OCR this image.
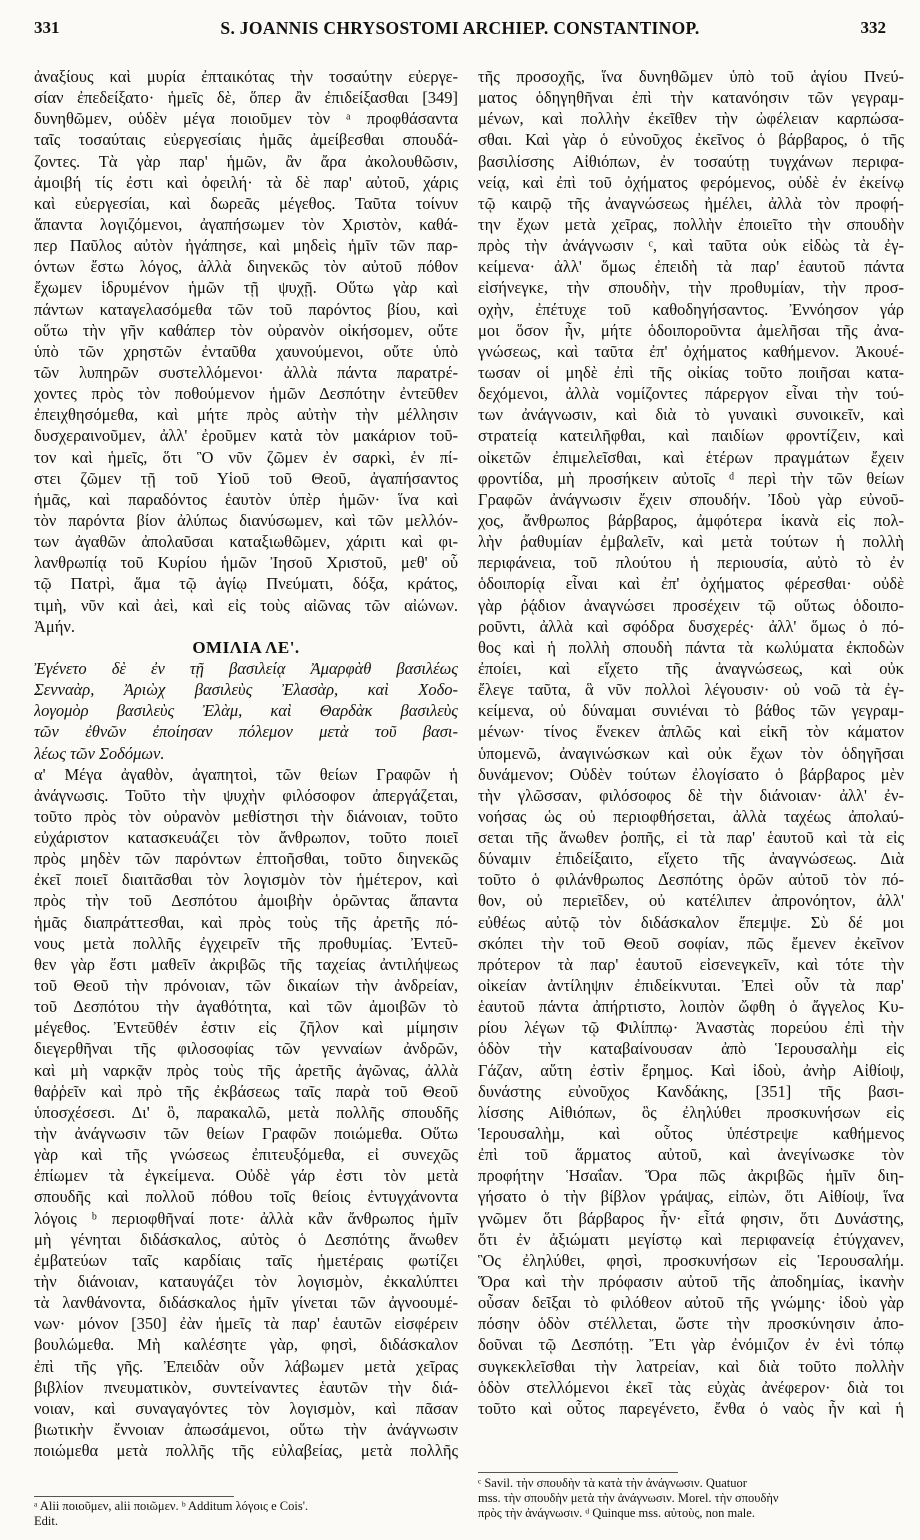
331	S. JOANNIS CHRYSOSTOMI ARCHIEP. CONSTANTINOP.	332
ἀναξίους καὶ μυρία ἐπταικότας τὴν τοσαύτην εὐεργε-
σίαν ἐπεδείξατο· ἡμεῖς δὲ, ὅπερ ἂν ἐπιδείξασθαι [349]
δυνηθῶμεν, οὐδὲν μέγα ποιοῦμεν τὸν ᵃ προφθάσαντα
ταῖς τοσαύταις εὐεργεσίαις ἡμᾶς ἀμείβεσθαι σπουδά-
ζοντες. Τὰ γὰρ παρ' ἡμῶν, ἂν ἄρα ἀκολουθῶσιν,
ἀμοιβή τίς ἐστι καὶ ὀφειλή· τὰ δὲ παρ' αὐτοῦ, χάρις
καὶ εὐεργεσίαι, καὶ δωρεᾶς μέγεθος. Ταῦτα τοίνυν
ἅπαντα λογιζόμενοι, ἀγαπήσωμεν τὸν Χριστὸν, καθά-
περ Παῦλος αὐτὸν ἠγάπησε, καὶ μηδεὶς ἡμῖν τῶν παρ-
όντων ἔστω λόγος, ἀλλὰ διηνεκῶς τὸν αὐτοῦ πόθον
ἔχωμεν ἱδρυμένον ἡμῶν τῇ ψυχῇ. Οὕτω γὰρ καὶ
πάντων καταγελασόμεθα τῶν τοῦ παρόντος βίου, καὶ
οὕτω τὴν γῆν καθάπερ τὸν οὐρανὸν οἰκήσομεν, οὔτε
ὑπὸ τῶν χρηστῶν ἐνταῦθα χαυνούμενοι, οὔτε ὑπὸ
τῶν λυπηρῶν συστελλόμενοι· ἀλλὰ πάντα παρατρέ-
χοντες πρὸς τὸν ποθούμενον ἡμῶν Δεσπότην ἐντεῦθεν
ἐπειχθησόμεθα, καὶ μήτε πρὸς αὐτὴν τὴν μέλλησιν
δυσχεραινοῦμεν, ἀλλ' ἐροῦμεν κατὰ τὸν μακάριον τοῦ-
τον καὶ ἡμεῖς, ὅτι Ὃ νῦν ζῶμεν ἐν σαρκὶ, ἐν πί-
στει ζῶμεν τῇ τοῦ Υἱοῦ τοῦ Θεοῦ, ἀγαπήσαντος
ἡμᾶς, καὶ παραδόντος ἑαυτὸν ὑπὲρ ἡμῶν· ἵνα καὶ
τὸν παρόντα βίον ἀλύπως διανύσωμεν, καὶ τῶν μελλόν-
των ἀγαθῶν ἀπολαῦσαι καταξιωθῶμεν, χάριτι καὶ φι-
λανθρωπίᾳ τοῦ Κυρίου ἡμῶν Ἰησοῦ Χριστοῦ, μεθ' οὗ
τῷ Πατρὶ, ἅμα τῷ ἁγίῳ Πνεύματι, δόξα, κράτος,
τιμὴ, νῦν καὶ ἀεὶ, καὶ εἰς τοὺς αἰῶνας τῶν αἰώνων.
Ἀμήν.
ΟΜΙΛΙΑ ΛΕ'.
Ἐγένετο δὲ ἐν τῇ βασιλείᾳ Ἀμαρφὰθ βασιλέως
Σενναὰρ, Ἀριὼχ βασιλεὺς Ἐλασὰρ, καὶ Χοδο-
λογομὸρ βασιλεὺς Ἐλὰμ, καὶ Θαρδὰκ βασιλεὺς
τῶν ἐθνῶν ἐποίησαν πόλεμον μετὰ τοῦ βασι-
λέως τῶν Σοδόμων.
α' Μέγα ἀγαθὸν, ἀγαπητοὶ, τῶν θείων Γραφῶν ἡ
ἀνάγνωσις. Τοῦτο τὴν ψυχὴν φιλόσοφον ἀπεργάζεται,
τοῦτο πρὸς τὸν οὐρανὸν μεθίστησι τὴν διάνοιαν, τοῦτο
εὐχάριστον κατασκευάζει τὸν ἄνθρωπον, τοῦτο ποιεῖ
πρὸς μηδὲν τῶν παρόντων ἐπτοῆσθαι, τοῦτο διηνεκῶς
ἐκεῖ ποιεῖ διαιτᾶσθαι τὸν λογισμὸν τὸν ἡμέτερον, καὶ
πρὸς τὴν τοῦ Δεσπότου ἀμοιβὴν ὁρῶντας ἅπαντα
ἡμᾶς διαπράττεσθαι, καὶ πρὸς τοὺς τῆς ἀρετῆς πό-
νους μετὰ πολλῆς ἐγχειρεῖν τῆς προθυμίας. Ἐντεῦ-
θεν γὰρ ἔστι μαθεῖν ἀκριβῶς τῆς ταχείας ἀντιλήψεως
τοῦ Θεοῦ τὴν πρόνοιαν, τῶν δικαίων τὴν ἀνδρείαν,
τοῦ Δεσπότου τὴν ἀγαθότητα, καὶ τῶν ἀμοιβῶν τὸ
μέγεθος. Ἐντεῦθέν ἐστιν εἰς ζῆλον καὶ μίμησιν
διεγερθῆναι τῆς φιλοσοφίας τῶν γενναίων ἀνδρῶν,
καὶ μὴ ναρκᾷν πρὸς τοὺς τῆς ἀρετῆς ἀγῶνας, ἀλλὰ
θαῤῥεῖν καὶ πρὸ τῆς ἐκβάσεως ταῖς παρὰ τοῦ Θεοῦ
ὑποσχέσεσι. Δι' ὃ, παρακαλῶ, μετὰ πολλῆς σπουδῆς
τὴν ἀνάγνωσιν τῶν θείων Γραφῶν ποιώμεθα. Οὕτω
γὰρ καὶ τῆς γνώσεως ἐπιτευξόμεθα, εἰ συνεχῶς
ἐπίωμεν τὰ ἐγκείμενα. Οὐδὲ γάρ ἐστι τὸν μετὰ
σπουδῆς καὶ πολλοῦ πόθου τοῖς θείοις ἐντυγχάνοντα
λόγοις ᵇ περιοφθῆναί ποτε· ἀλλὰ κἂν ἄνθρωπος ἡμῖν
μὴ γένηται διδάσκαλος, αὐτὸς ὁ Δεσπότης ἄνωθεν
ἐμβατεύων ταῖς καρδίαις ταῖς ἡμετέραις φωτίζει
τὴν διάνοιαν, καταυγάζει τὸν λογισμὸν, ἐκκαλύπτει
τὰ λανθάνοντα, διδάσκαλος ἡμῖν γίνεται τῶν ἀγνοουμέ-
νων· μόνον [350] ἐὰν ἡμεῖς τὰ παρ' ἑαυτῶν εἰσφέρειν
βουλώμεθα. Μὴ καλέσητε γὰρ, φησὶ, διδάσκαλον
ἐπὶ τῆς γῆς. Ἐπειδὰν οὖν λάβωμεν μετὰ χεῖρας
βιβλίον πνευματικὸν, συντείναντες ἑαυτῶν τὴν διά-
νοιαν, καὶ συναγαγόντες τὸν λογισμὸν, καὶ πᾶσαν
βιωτικὴν ἔννοιαν ἀπωσάμενοι, οὕτω τὴν ἀνάγνωσιν
ποιώμεθα μετὰ πολλῆς τῆς εὐλαβείας, μετὰ πολλῆς
τῆς προσοχῆς, ἵνα δυνηθῶμεν ὑπὸ τοῦ ἁγίου Πνεύ-
ματος ὁδηγηθῆναι ἐπὶ τὴν κατανόησιν τῶν γεγραμ-
μένων, καὶ πολλὴν ἐκεῖθεν τὴν ὠφέλειαν καρπώσα-
σθαι. Καὶ γὰρ ὁ εὐνοῦχος ἐκεῖνος ὁ βάρβαρος, ὁ τῆς
βασιλίσσης Αἰθιόπων, ἐν τοσαύτῃ τυγχάνων περιφα-
νείᾳ, καὶ ἐπὶ τοῦ ὀχήματος φερόμενος, οὐδὲ ἐν ἐκείνῳ
τῷ καιρῷ τῆς ἀναγνώσεως ἠμέλει, ἀλλὰ τὸν προφή-
την ἔχων μετὰ χεῖρας, πολλὴν ἐποιεῖτο τὴν σπουδὴν
πρὸς τὴν ἀνάγνωσιν ᶜ, καὶ ταῦτα οὐκ εἰδὼς τὰ ἐγ-
κείμενα· ἀλλ' ὅμως ἐπειδὴ τὰ παρ' ἑαυτοῦ πάντα
εἰσήνεγκε, τὴν σπουδὴν, τὴν προθυμίαν, τὴν προσ-
οχὴν, ἐπέτυχε τοῦ καθοδηγήσαντος. Ἐννόησον γάρ
μοι ὅσον ἦν, μήτε ὁδοιποροῦντα ἀμελῆσαι τῆς ἀνα-
γνώσεως, καὶ ταῦτα ἐπ' ὀχήματος καθήμενον. Ἀκουέ-
τωσαν οἱ μηδὲ ἐπὶ τῆς οἰκίας τοῦτο ποιῆσαι κατα-
δεχόμενοι, ἀλλὰ νομίζοντες πάρεργον εἶναι τὴν τού-
των ἀνάγνωσιν, καὶ διὰ τὸ γυναικὶ συνοικεῖν, καὶ
στρατείᾳ κατειλῆφθαι, καὶ παιδίων φροντίζειν, καὶ
οἰκετῶν ἐπιμελεῖσθαι, καὶ ἑτέρων πραγμάτων ἔχειν
φροντίδα, μὴ προσήκειν αὐτοῖς ᵈ περὶ τὴν τῶν θείων
Γραφῶν ἀνάγνωσιν ἔχειν σπουδήν. Ἰδοὺ γὰρ εὐνοῦ-
χος, ἄνθρωπος βάρβαρος, ἀμφότερα ἱκανὰ εἰς πολ-
λὴν ῥαθυμίαν ἐμβαλεῖν, καὶ μετὰ τούτων ἡ πολλὴ
περιφάνεια, τοῦ πλούτου ἡ περιουσία, αὐτὸ τὸ ἐν
ὁδοιπορίᾳ εἶναι καὶ ἐπ' ὀχήματος φέρεσθαι· οὐδὲ
γὰρ ῥᾴδιον ἀναγνώσει προσέχειν τῷ οὕτως ὁδοιπο-
ροῦντι, ἀλλὰ καὶ σφόδρα δυσχερές· ἀλλ' ὅμως ὁ πό-
θος καὶ ἡ πολλὴ σπουδὴ πάντα τὰ κωλύματα ἐκποδὼν
ἐποίει, καὶ εἴχετο τῆς ἀναγνώσεως, καὶ οὐκ
ἔλεγε ταῦτα, ἃ νῦν πολλοὶ λέγουσιν· οὐ νοῶ τὰ ἐγ-
κείμενα, οὐ δύναμαι συνιέναι τὸ βάθος τῶν γεγραμ-
μένων· τίνος ἕνεκεν ἁπλῶς καὶ εἰκῆ τὸν κάματον
ὑπομενῶ, ἀναγινώσκων καὶ οὐκ ἔχων τὸν ὁδηγῆσαι
δυνάμενον; Οὐδὲν τούτων ἐλογίσατο ὁ βάρβαρος μὲν
τὴν γλῶσσαν, φιλόσοφος δὲ τὴν διάνοιαν· ἀλλ' ἐν-
νοήσας ὡς οὐ περιοφθήσεται, ἀλλὰ ταχέως ἀπολαύ-
σεται τῆς ἄνωθεν ῥοπῆς, εἰ τὰ παρ' ἑαυτοῦ καὶ τὰ εἰς
δύναμιν ἐπιδείξαιτο, εἴχετο τῆς ἀναγνώσεως. Διὰ
τοῦτο ὁ φιλάνθρωπος Δεσπότης ὁρῶν αὐτοῦ τὸν πό-
θον, οὐ περιεῖδεν, οὐ κατέλιπεν ἀπρονόητον, ἀλλ'
εὐθέως αὐτῷ τὸν διδάσκαλον ἔπεμψε. Σὺ δέ μοι
σκόπει τὴν τοῦ Θεοῦ σοφίαν, πῶς ἔμενεν ἐκεῖνον
πρότερον τὰ παρ' ἑαυτοῦ εἰσενεγκεῖν, καὶ τότε τὴν
οἰκείαν ἀντίληψιν ἐπιδείκνυται. Ἐπεὶ οὖν τὰ παρ'
ἑαυτοῦ πάντα ἀπήρτιστο, λοιπὸν ὤφθη ὁ ἄγγελος Κυ-
ρίου λέγων τῷ Φιλίππῳ· Ἀναστὰς πορεύου ἐπὶ τὴν
ὁδὸν τὴν καταβαίνουσαν ἀπὸ Ἱερουσαλὴμ εἰς
Γάζαν, αὕτη ἐστὶν ἔρημος. Καὶ ἰδοὺ, ἀνὴρ Αἰθίοψ,
δυνάστης εὐνοῦχος Κανδάκης, [351] τῆς βασι-
λίσσης Αἰθιόπων, ὃς ἐληλύθει προσκυνήσων εἰς
Ἱερουσαλὴμ, καὶ οὗτος ὑπέστρεψε καθήμενος
ἐπὶ τοῦ ἅρματος αὐτοῦ, καὶ ἀνεγίνωσκε τὸν
προφήτην Ἡσαΐαν. Ὅρα πῶς ἀκριβῶς ἡμῖν διη-
γήσατο ὁ τὴν βίβλον γράψας, εἰπὼν, ὅτι Αἰθίοψ, ἵνα
γνῶμεν ὅτι βάρβαρος ἦν· εἶτά φησιν, ὅτι Δυνάστης,
ὅτι ἐν ἀξιώματι μεγίστῳ καὶ περιφανείᾳ ἐτύγχανεν,
Ὃς ἐληλύθει, φησὶ, προσκυνήσων εἰς Ἱερουσαλήμ.
Ὅρα καὶ τὴν πρόφασιν αὐτοῦ τῆς ἀποδημίας, ἱκανὴν
οὖσαν δεῖξαι τὸ φιλόθεον αὐτοῦ τῆς γνώμης· ἰδοὺ γὰρ
πόσην ὁδὸν στέλλεται, ὥστε τὴν προσκύνησιν ἀπο-
δοῦναι τῷ Δεσπότῃ. Ἔτι γὰρ ἐνόμιζον ἐν ἑνὶ τόπῳ
συγκεκλεῖσθαι τὴν λατρείαν, καὶ διὰ τοῦτο πολλὴν
ὁδὸν στελλόμενοι ἐκεῖ τὰς εὐχὰς ἀνέφερον· διὰ τοι
τοῦτο καὶ οὗτος παρεγένετο, ἔνθα ὁ ναὸς ἦν καὶ ἡ
ᵃ Alii ποιοῦμεν, alii ποιῶμεν. ᵇ Additum λόγοις e Cois'.
Edit.
ᶜ Savil. τὴν σπουδὴν τὰ κατὰ τὴν ἀνάγνωσιν. Quatuor
mss. τὴν σπουδὴν μετὰ τὴν ἀνάγνωσιν. Morel. τὴν σπουδὴν
πρὸς τὴν ἀνάγνωσιν. ᵈ Quinque mss. αὐτοὺς, non male.
